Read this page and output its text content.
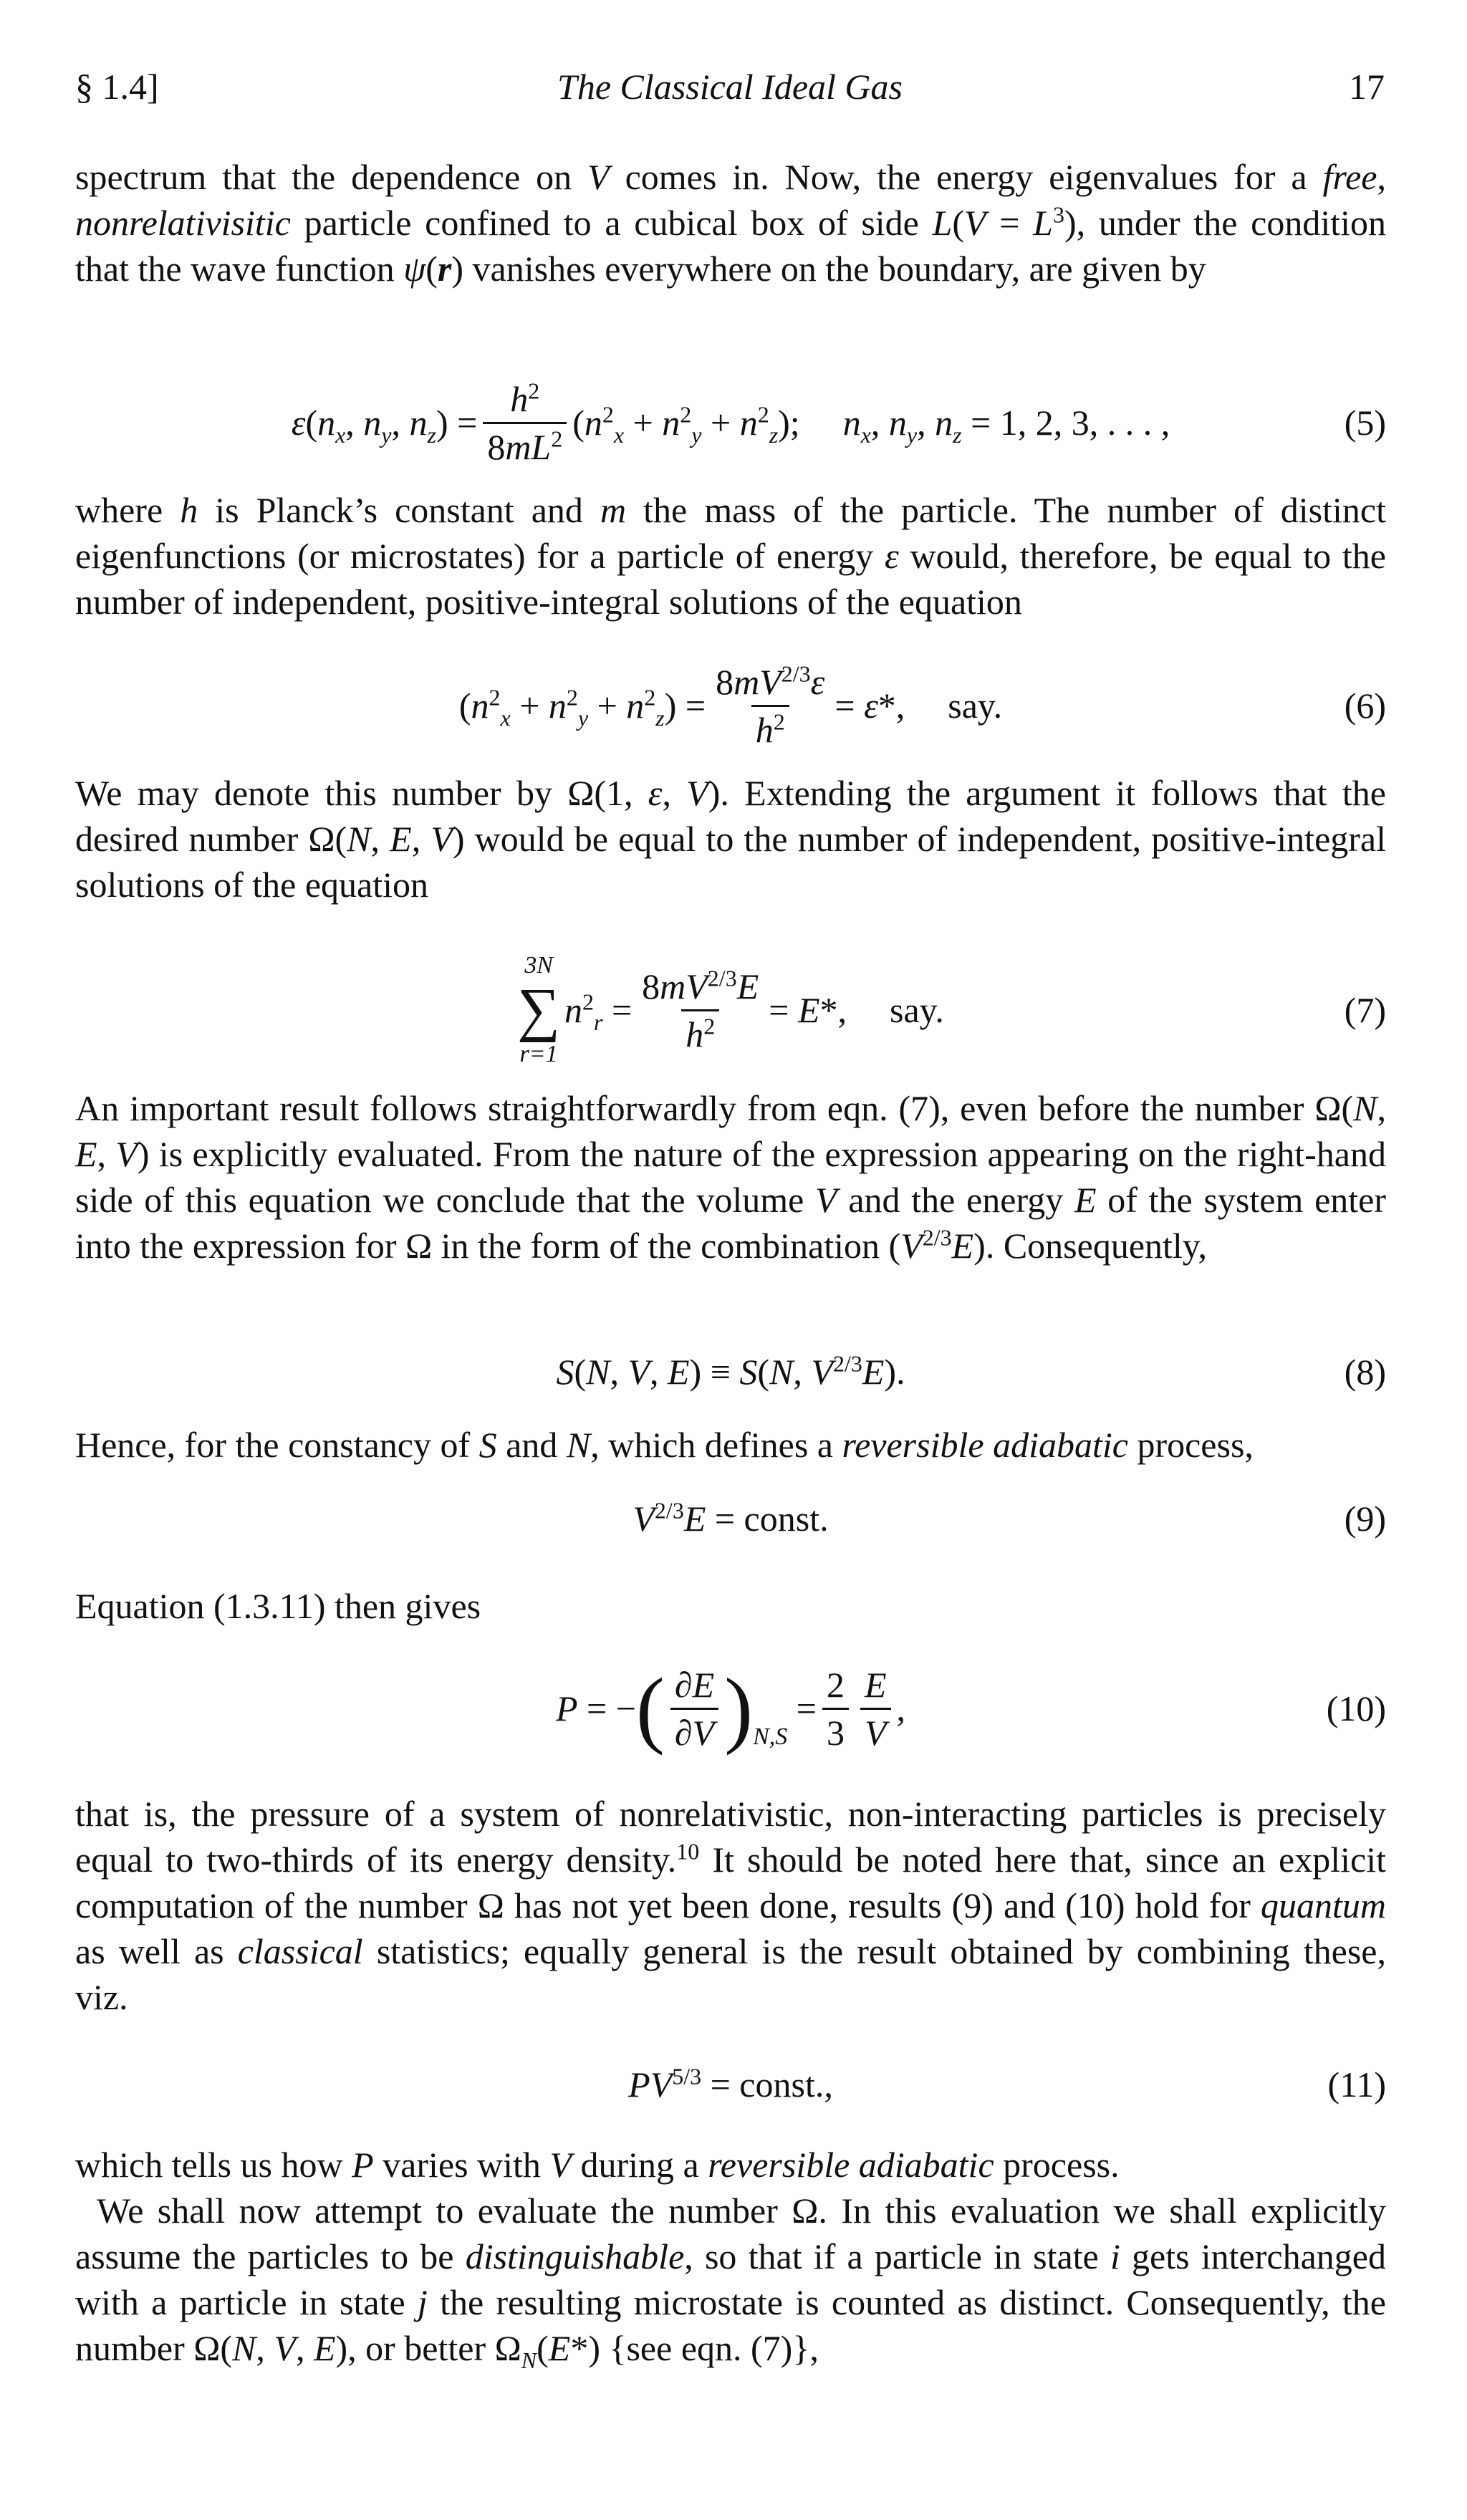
§ 1.4]	The Classical Ideal Gas	17

spectrum that the dependence on V comes in. Now, the energy eigenvalues for a free, nonrelativisitic particle confined to a cubical box of side $L(V = L^3)$, under the condition that the wave function ψ(r) vanishes everywhere on the boundary, are given by

$\varepsilon(n_x$, $n_y$, $n_z) = \frac{h^2}{8mL^2} (n^2_x + n^2_y + n^2_z)$; $n_x$, $n_y$, $n_z = 1$, 2, 3, . . . ,	(5)

where h is Planck’s constant and m the mass of the particle. The number of distinct eigenfunctions (or microstates) for a particle of energy ε would, therefore, be equal to the number of independent, positive-integral solutions of the equation

$(n^2_x + n^2_y + n^2_z) = \frac{8mV^{2/3}\varepsilon}{h^2} = \varepsilon*$, say.	(6)

We may denote this number by Ω(1, ε, V). Extending the argument it follows that the desired number Ω(N, E, V) would be equal to the number of independent, positive-integral solutions of the equation

3N
∑
r=1
$n^2_r = \frac{8mV^{2/3}E}{h^2} = E*$, say.	(7)

An important result follows straightforwardly from eqn. (7), even before the number Ω(N, E, V) is explicitly evaluated. From the nature of the expression appearing on the right-hand side of this equation we conclude that the volume V and the energy E of the system enter into the expression for Ω in the form of the combination $(V^{2/3}E)$. Consequently,

S(N, V, E) ≡ S(N, $V^{2/3}E$).	(8)

Hence, for the constancy of S and N, which defines a reversible adiabatic process,

$V^{2/3}E$ = const.	(9)

Equation (1.3.11) then gives

P = − ( $\frac{\partial E}{\partial V}$ ) N,S
= $\frac{2}{3} \frac{E}{V}$ ,	(10)

that is, the pressure of a system of nonrelativistic, non-interacting particles is precisely equal to two-thirds of its energy density.$^{10}$ It should be noted here that, since an explicit computation of the number Ω has not yet been done, results (9) and (10) hold for quantum as well as classical statistics; equally general is the result obtained by combining these, viz.

$PV^{5/3}$ = const.,	(11)

which tells us how P varies with V during a reversible adiabatic process.

We shall now attempt to evaluate the number Ω. In this evaluation we shall explicitly assume the particles to be distinguishable, so that if a particle in state i gets interchanged with a particle in state j the resulting microstate is counted as distinct. Consequently, the number Ω(N, V, E), or better $\Omega_N(E*)$ {see eqn. (7)},
